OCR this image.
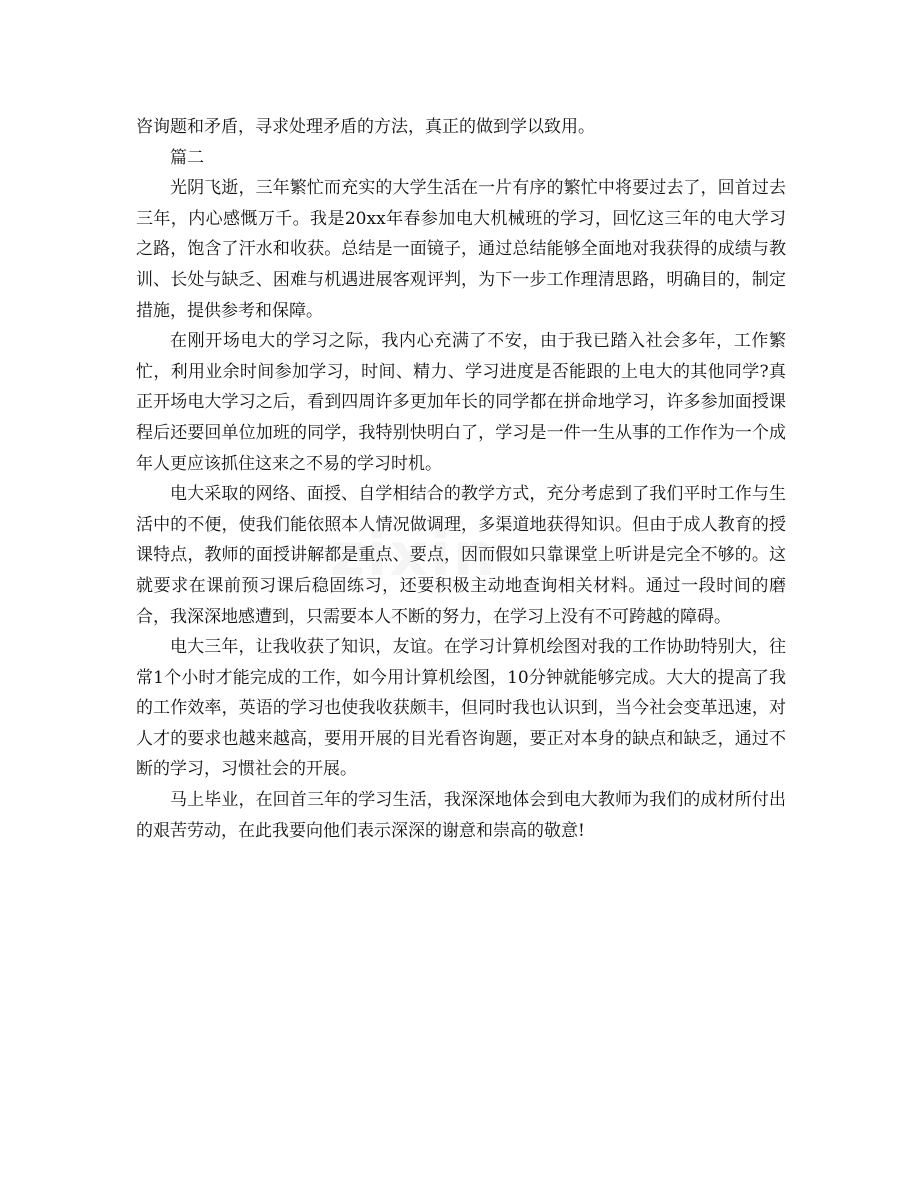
咨询题和矛盾，寻求处理矛盾的方法，真正的做到学以致用。

篇二

光阴飞逝，三年繁忙而充实的大学生活在一片有序的繁忙中将要过去了，回首过去三年，内心感慨万千。我是20xx年春参加电大机械班的学习，回忆这三年的电大学习之路，饱含了汗水和收获。总结是一面镜子，通过总结能够全面地对我获得的成绩与教训、长处与缺乏、困难与机遇进展客观评判，为下一步工作理清思路，明确目的，制定措施，提供参考和保障。

在刚开场电大的学习之际，我内心充满了不安，由于我已踏入社会多年，工作繁忙，利用业余时间参加学习，时间、精力、学习进度是否能跟的上电大的其他同学?真正开场电大学习之后，看到四周许多更加年长的同学都在拼命地学习，许多参加面授课程后还要回单位加班的同学，我特别快明白了，学习是一件一生从事的工作作为一个成年人更应该抓住这来之不易的学习时机。

电大采取的网络、面授、自学相结合的教学方式，充分考虑到了我们平时工作与生活中的不便，使我们能依照本人情况做调理，多渠道地获得知识。但由于成人教育的授课特点，教师的面授讲解都是重点、要点，因而假如只靠课堂上听讲是完全不够的。这就要求在课前预习课后稳固练习，还要积极主动地查询相关材料。通过一段时间的磨合，我深深地感遭到，只需要本人不断的努力，在学习上没有不可跨越的障碍。

电大三年，让我收获了知识，友谊。在学习计算机绘图对我的工作协助特别大，往常1个小时才能完成的工作，如今用计算机绘图，10分钟就能够完成。大大的提高了我的工作效率，英语的学习也使我收获颇丰，但同时我也认识到，当今社会变革迅速，对人才的要求也越来越高，要用开展的目光看咨询题，要正对本身的缺点和缺乏，通过不断的学习，习惯社会的开展。

马上毕业，在回首三年的学习生活，我深深地体会到电大教师为我们的成材所付出的艰苦劳动，在此我要向他们表示深深的谢意和崇高的敬意!
